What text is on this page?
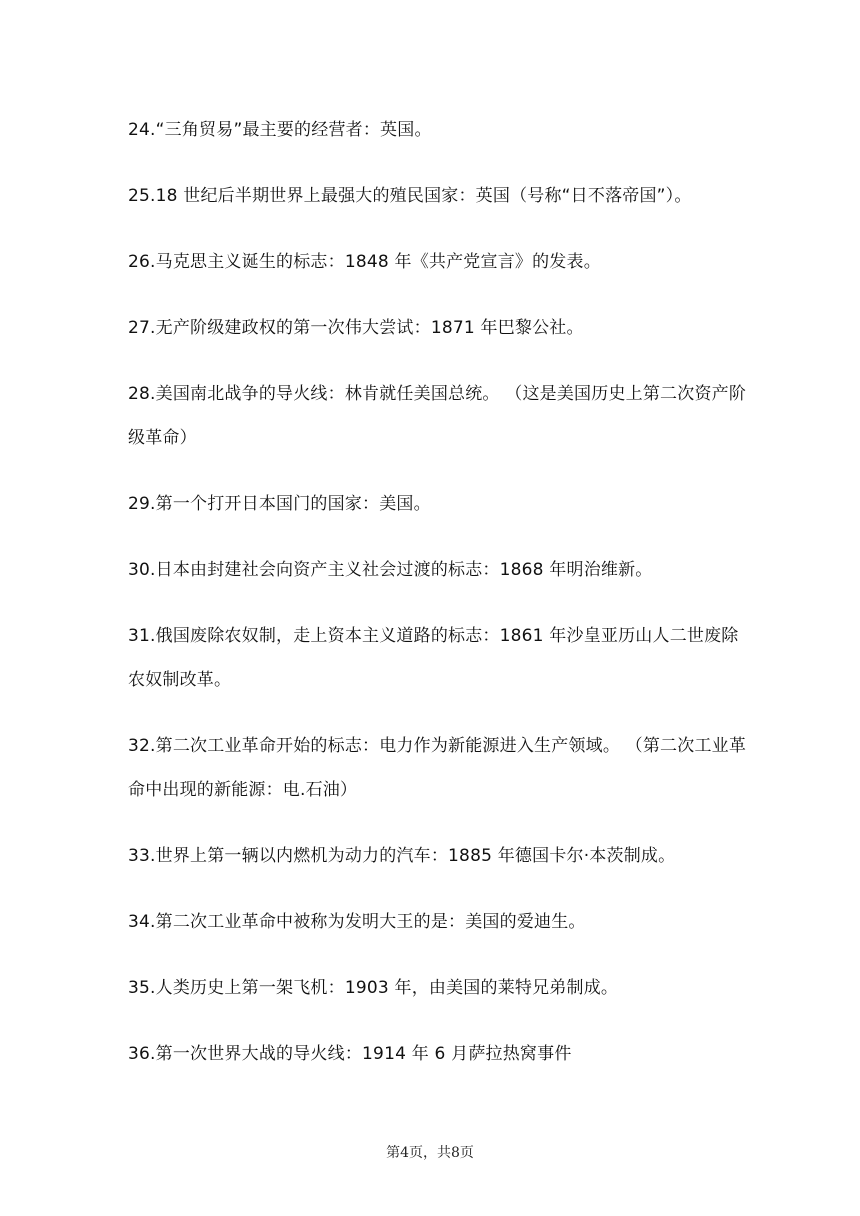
24.“三角贸易”最主要的经营者：英国。

25.18 世纪后半期世界上最强大的殖民国家：英国（号称“日不落帝国”）。

26.马克思主义诞生的标志：1848 年《共产党宣言》的发表。

27.无产阶级建政权的第一次伟大尝试：1871 年巴黎公社。

28.美国南北战争的导火线：林肯就任美国总统。 （这是美国历史上第二次资产阶级革命）

29.第一个打开日本国门的国家：美国。

30.日本由封建社会向资产主义社会过渡的标志：1868 年明治维新。

31.俄国废除农奴制，走上资本主义道路的标志：1861 年沙皇亚历山人二世废除农奴制改革。

32.第二次工业革命开始的标志：电力作为新能源进入生产领域。 （第二次工业革命中出现的新能源：电.石油）

33.世界上第一辆以内燃机为动力的汽车：1885 年德国卡尔·本茨制成。

34.第二次工业革命中被称为发明大王的是：美国的爱迪生。

35.人类历史上第一架飞机：1903 年，由美国的莱特兄弟制成。

36.第一次世界大战的导火线：1914 年 6 月萨拉热窝事件

第4页，共8页
